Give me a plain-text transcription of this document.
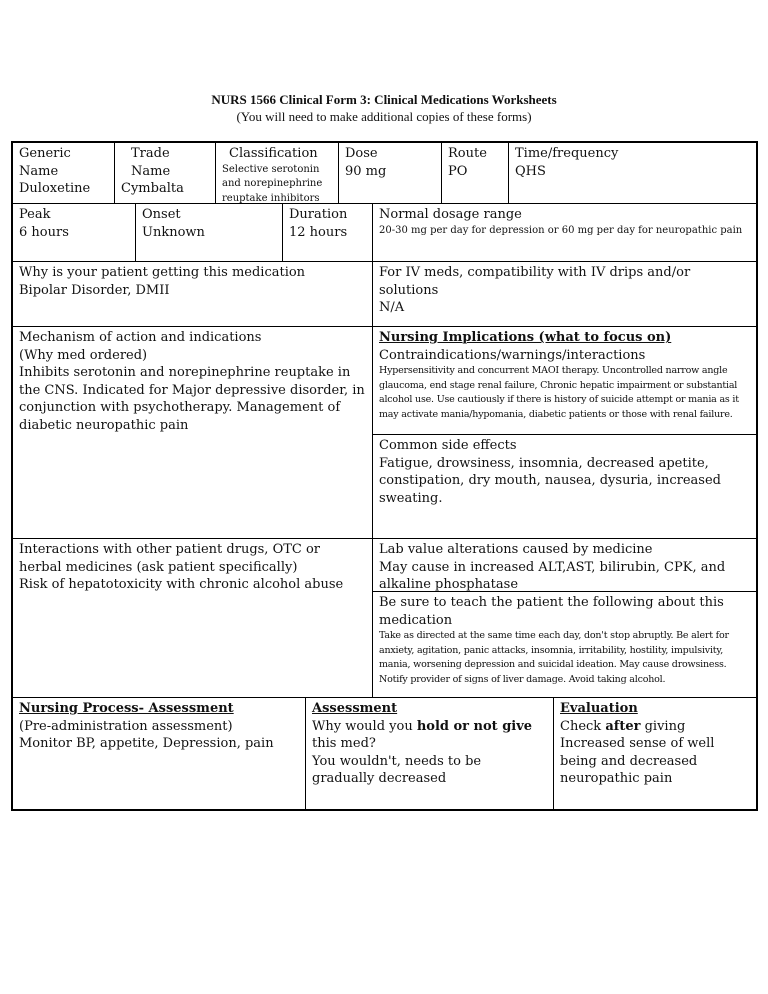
NURS 1566 Clinical Form 3: Clinical Medications Worksheets
(You will need to make additional copies of these forms)
Generic Name
Duloxetine
Trade Name
Cymbalta
Classification
Selective serotonin and norepinephrine reuptake inhibitors
Dose
90 mg
Route
PO
Time/frequency
QHS
Peak
6 hours
Onset
Unknown
Duration
12 hours
Normal dosage range
20-30 mg per day for depression or 60 mg per day for neuropathic pain
Why is your patient getting this medication
Bipolar Disorder, DMII
For IV meds, compatibility with IV drips and/or solutions
N/A
Mechanism of action and indications
(Why med ordered)
Inhibits serotonin and norepinephrine reuptake in the CNS. Indicated for Major depressive disorder, in conjunction with psychotherapy. Management of diabetic neuropathic pain
Nursing Implications (what to focus on)
Contraindications/warnings/interactions
Hypersensitivity and concurrent MAOI therapy. Uncontrolled narrow angle glaucoma, end stage renal failure, Chronic hepatic impairment or substantial alcohol use. Use cautiously if there is history of suicide attempt or mania as it may activate mania/hypomania, diabetic patients or those with renal failure.
Common side effects
Fatigue, drowsiness, insomnia, decreased apetite, constipation, dry mouth, nausea, dysuria, increased sweating.
Interactions with other patient drugs, OTC or herbal medicines (ask patient specifically)
Risk of hepatotoxicity with chronic alcohol abuse
Lab value alterations caused by medicine
May cause in increased ALT,AST, bilirubin, CPK, and alkaline phosphatase
Be sure to teach the patient the following about this medication
Take as directed at the same time each day, don't stop abruptly. Be alert for anxiety, agitation, panic attacks, insomnia, irritability, hostility, impulsivity, mania, worsening depression and suicidal ideation. May cause drowsiness. Notify provider of signs of liver damage. Avoid taking alcohol.
Nursing Process- Assessment
(Pre-administration assessment)
Monitor BP, appetite, Depression, pain
Assessment
Why would you hold or not give this med?
You wouldn't, needs to be gradually decreased
Evaluation
Check after giving
Increased sense of well being and decreased neuropathic pain
